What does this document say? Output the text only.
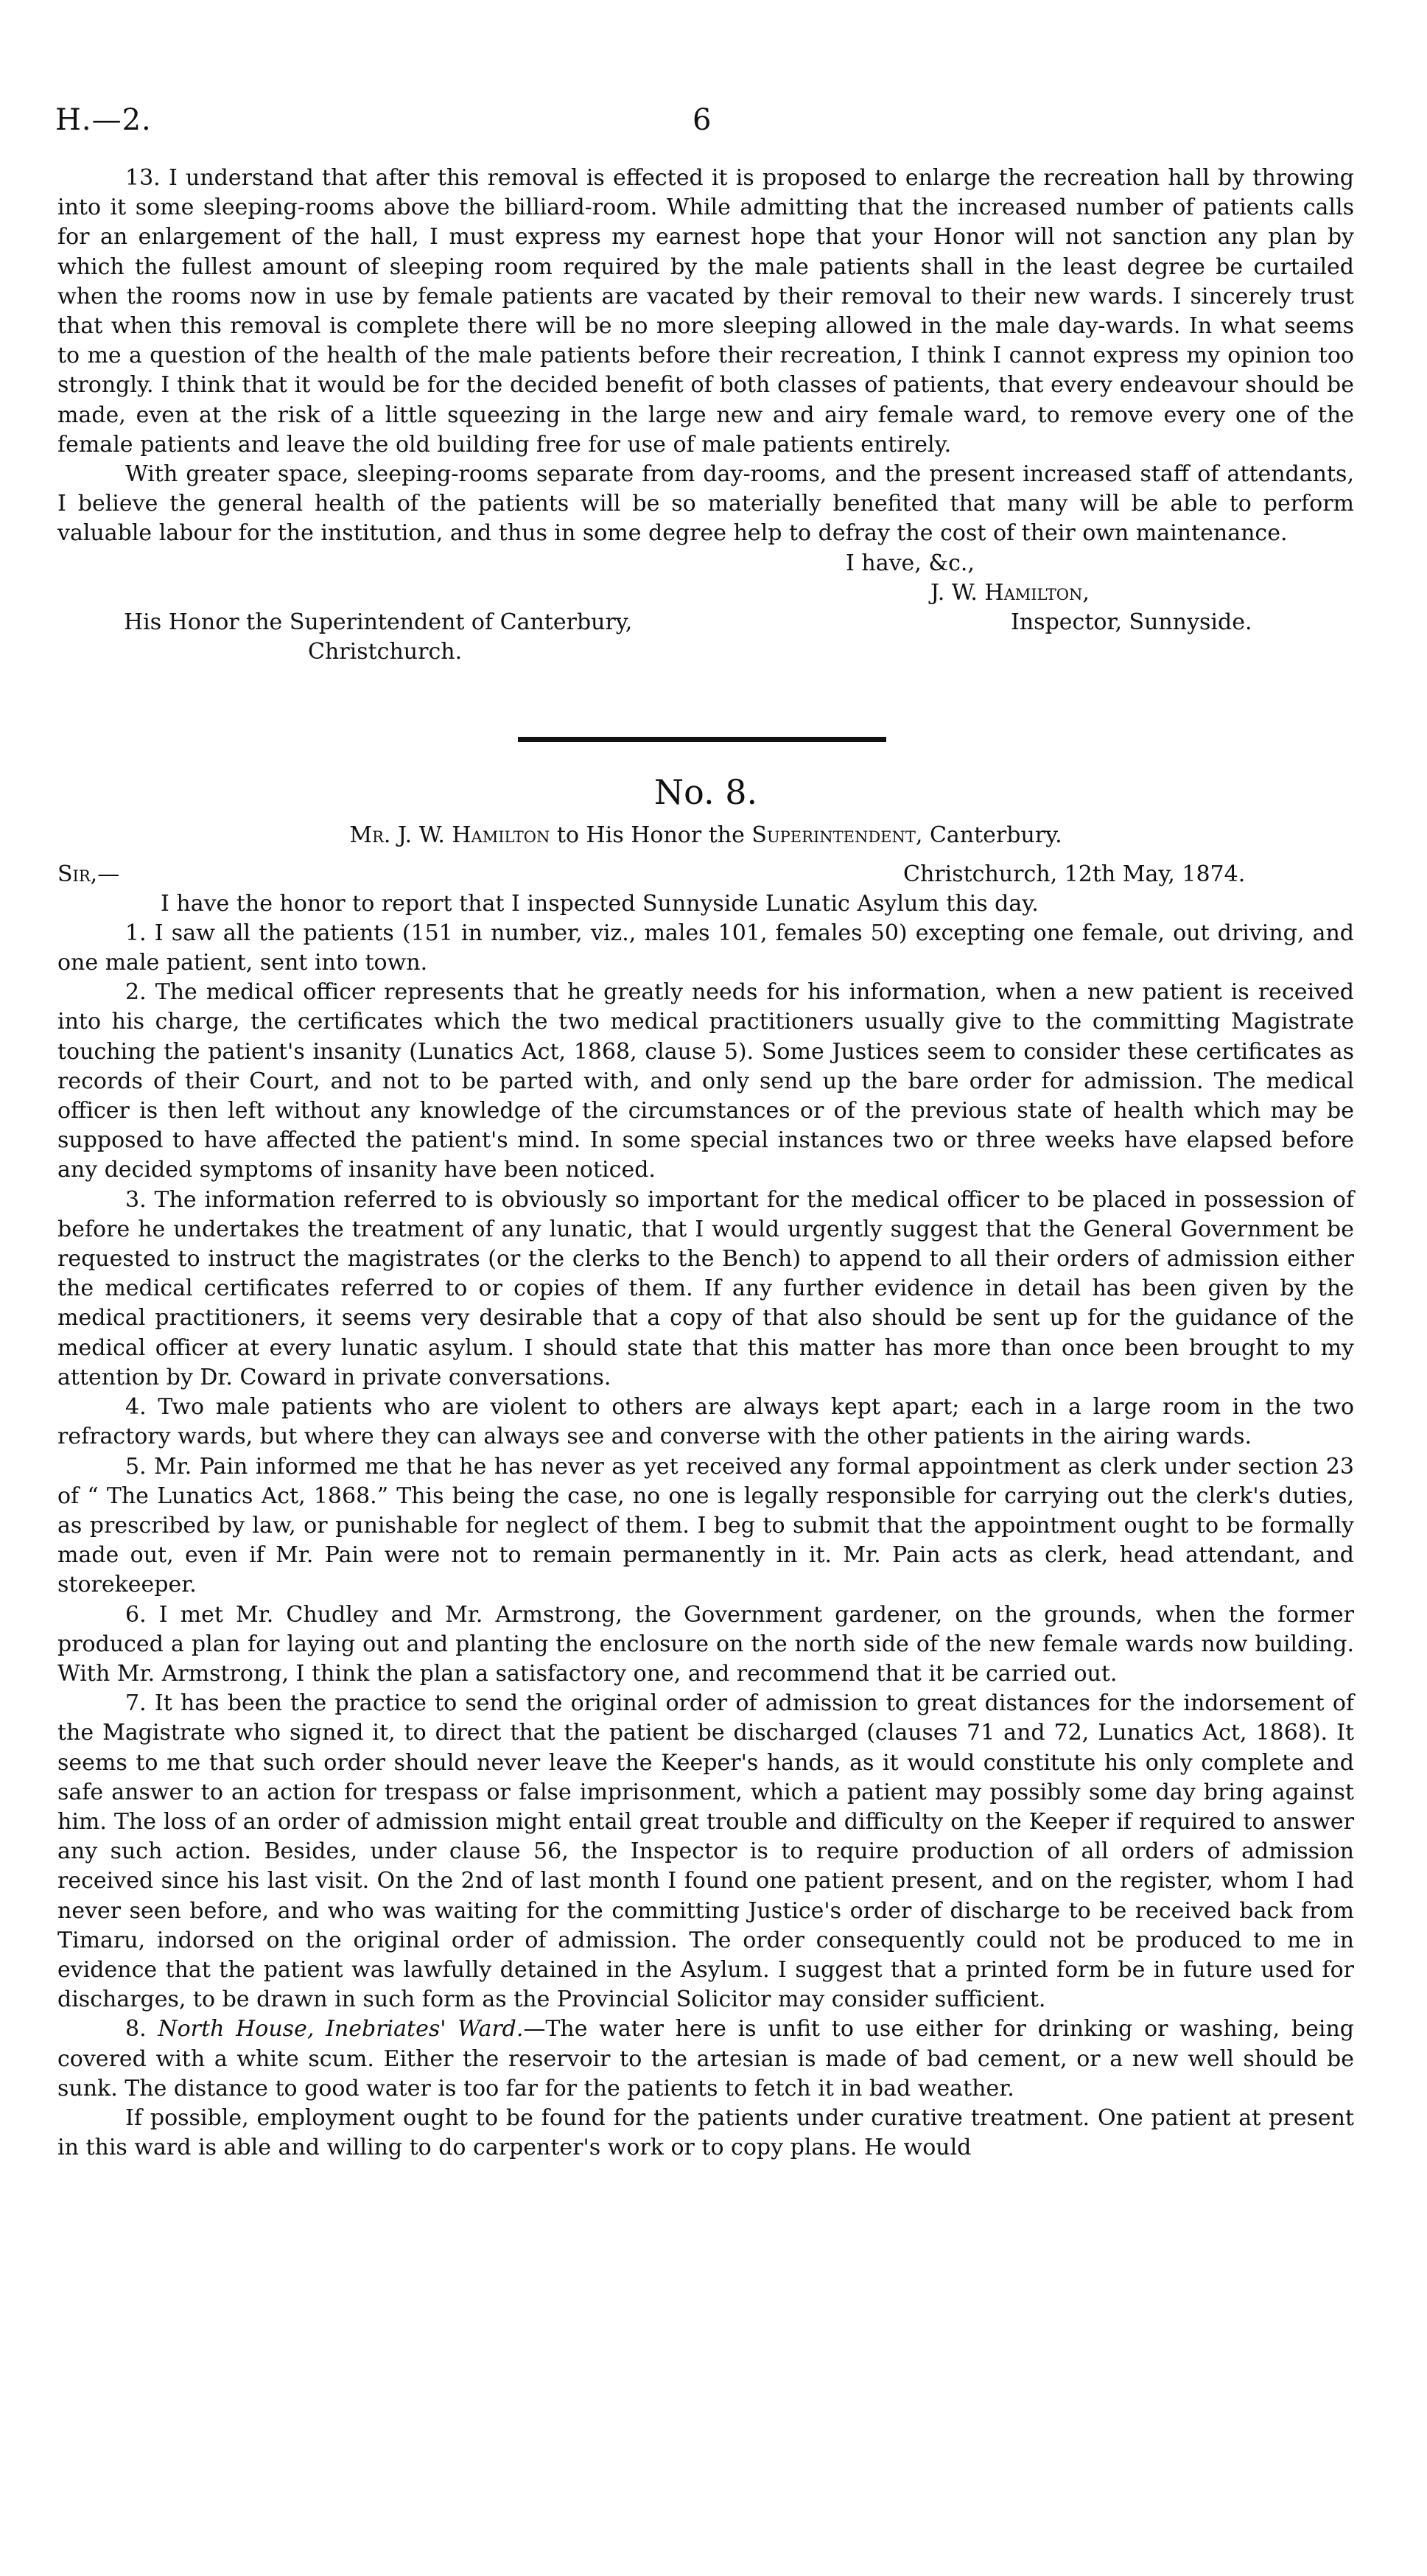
H.—2.	6

13. I understand that after this removal is effected it is proposed to enlarge the recreation hall by throwing into it some sleeping-rooms above the billiard-room. While admitting that the increased number of patients calls for an enlargement of the hall, I must express my earnest hope that your Honor will not sanction any plan by which the fullest amount of sleeping room required by the male patients shall in the least degree be curtailed when the rooms now in use by female patients are vacated by their removal to their new wards. I sincerely trust that when this removal is complete there will be no more sleeping allowed in the male day-wards. In what seems to me a question of the health of the male patients before their recreation, I think I cannot express my opinion too strongly. I think that it would be for the decided benefit of both classes of patients, that every endeavour should be made, even at the risk of a little squeezing in the large new and airy female ward, to remove every one of the female patients and leave the old building free for use of male patients entirely.

With greater space, sleeping-rooms separate from day-rooms, and the present increased staff of attendants, I believe the general health of the patients will be so materially benefited that many will be able to perform valuable labour for the institution, and thus in some degree help to defray the cost of their own maintenance.

I have, &c.,
J. W. Hamilton,
His Honor the Superintendent of Canterbury,	Inspector, Sunnyside.
Christchurch.
No. 8.
Mr. J. W. Hamilton to His Honor the Superintendent, Canterbury.
Sir,—	Christchurch, 12th May, 1874.

I have the honor to report that I inspected Sunnyside Lunatic Asylum this day.

1. I saw all the patients (151 in number, viz., males 101, females 50) excepting one female, out driving, and one male patient, sent into town.

2. The medical officer represents that he greatly needs for his information, when a new patient is received into his charge, the certificates which the two medical practitioners usually give to the committing Magistrate touching the patient's insanity (Lunatics Act, 1868, clause 5). Some Justices seem to consider these certificates as records of their Court, and not to be parted with, and only send up the bare order for admission. The medical officer is then left without any knowledge of the circumstances or of the previous state of health which may be supposed to have affected the patient's mind. In some special instances two or three weeks have elapsed before any decided symptoms of insanity have been noticed.

3. The information referred to is obviously so important for the medical officer to be placed in possession of before he undertakes the treatment of any lunatic, that I would urgently suggest that the General Government be requested to instruct the magistrates (or the clerks to the Bench) to append to all their orders of admission either the medical certificates referred to or copies of them. If any further evidence in detail has been given by the medical practitioners, it seems very desirable that a copy of that also should be sent up for the guidance of the medical officer at every lunatic asylum. I should state that this matter has more than once been brought to my attention by Dr. Coward in private conversations.

4. Two male patients who are violent to others are always kept apart; each in a large room in the two refractory wards, but where they can always see and converse with the other patients in the airing wards.

5. Mr. Pain informed me that he has never as yet received any formal appointment as clerk under section 23 of “ The Lunatics Act, 1868.” This being the case, no one is legally responsible for carrying out the clerk's duties, as prescribed by law, or punishable for neglect of them. I beg to submit that the appointment ought to be formally made out, even if Mr. Pain were not to remain permanently in it. Mr. Pain acts as clerk, head attendant, and storekeeper.

6. I met Mr. Chudley and Mr. Armstrong, the Government gardener, on the grounds, when the former produced a plan for laying out and planting the enclosure on the north side of the new female wards now building. With Mr. Armstrong, I think the plan a satisfactory one, and recommend that it be carried out.

7. It has been the practice to send the original order of admission to great distances for the indorsement of the Magistrate who signed it, to direct that the patient be discharged (clauses 71 and 72, Lunatics Act, 1868). It seems to me that such order should never leave the Keeper's hands, as it would constitute his only complete and safe answer to an action for trespass or false imprisonment, which a patient may possibly some day bring against him. The loss of an order of admission might entail great trouble and difficulty on the Keeper if required to answer any such action. Besides, under clause 56, the Inspector is to require production of all orders of admission received since his last visit. On the 2nd of last month I found one patient present, and on the register, whom I had never seen before, and who was waiting for the committing Justice's order of discharge to be received back from Timaru, indorsed on the original order of admission. The order consequently could not be produced to me in evidence that the patient was lawfully detained in the Asylum. I suggest that a printed form be in future used for discharges, to be drawn in such form as the Provincial Solicitor may consider sufficient.

8. North House, Inebriates' Ward.—The water here is unfit to use either for drinking or washing, being covered with a white scum. Either the reservoir to the artesian is made of bad cement, or a new well should be sunk. The distance to good water is too far for the patients to fetch it in bad weather.

If possible, employment ought to be found for the patients under curative treatment. One patient at present in this ward is able and willing to do carpenter's work or to copy plans. He would
